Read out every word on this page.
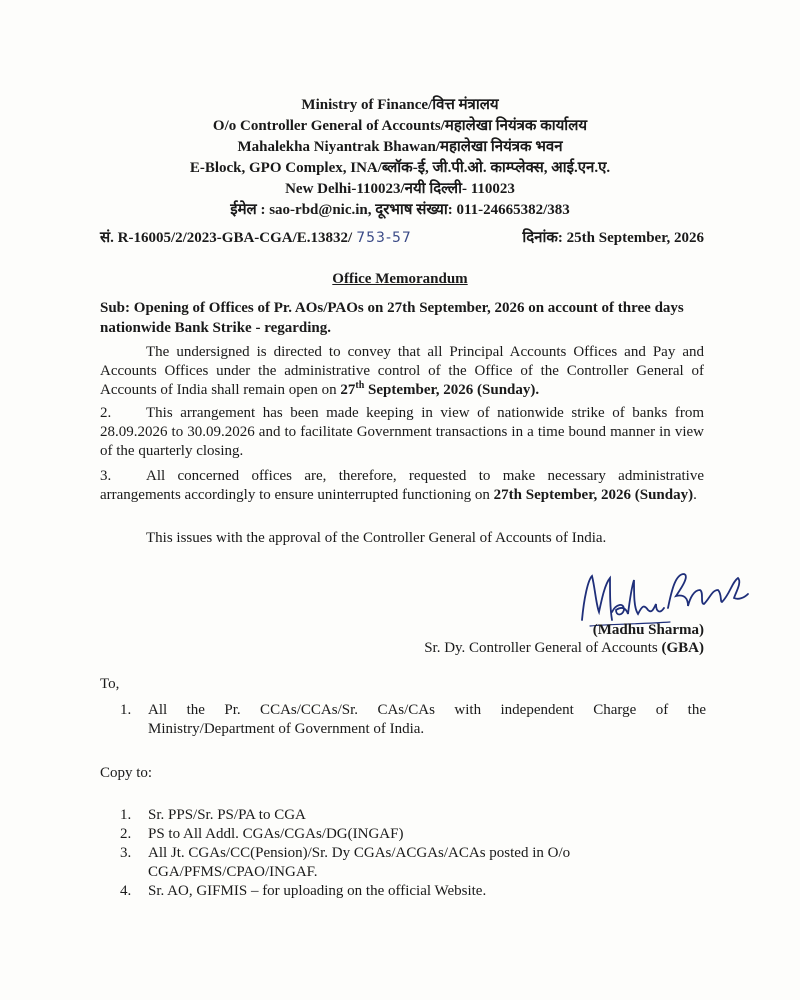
Ministry of Finance/वित्त मंत्रालय
O/o Controller General of Accounts/महालेखा नियंत्रक कार्यालय
Mahalekha Niyantrak Bhawan/महालेखा नियंत्रक भवन
E-Block, GPO Complex, INA/ब्लॉक-ई, जी.पी.ओ. काम्प्लेक्स, आई.एन.ए.
New Delhi-110023/नयी दिल्ली- 110023
ईमेल : sao-rbd@nic.in, दूरभाष संख्या: 011-24665382/383
सं. R-16005/2/2023-GBA-CGA/E.13832/ 753-57	दिनांक: 25th September, 2026
Office Memorandum
Sub: Opening of Offices of Pr. AOs/PAOs on 27th September, 2026 on account of three days nationwide Bank Strike - regarding.
The undersigned is directed to convey that all Principal Accounts Offices and Pay and Accounts Offices under the administrative control of the Office of the Controller General of Accounts of India shall remain open on 27th September, 2026 (Sunday).
2. This arrangement has been made keeping in view of nationwide strike of banks from 28.09.2026 to 30.09.2026 and to facilitate Government transactions in a time bound manner in view of the quarterly closing.
3. All concerned offices are, therefore, requested to make necessary administrative arrangements accordingly to ensure uninterrupted functioning on 27th September, 2026 (Sunday).
This issues with the approval of the Controller General of Accounts of India.
(Madhu Sharma)
Sr. Dy. Controller General of Accounts (GBA)
To,
1. All the Pr. CCAs/CCAs/Sr. CAs/CAs with independent Charge of the
Ministry/Department of Government of India.
Copy to:
1. Sr. PPS/Sr. PS/PA to CGA
2. PS to All Addl. CGAs/CGAs/DG(INGAF)
3. All Jt. CGAs/CC(Pension)/Sr. Dy CGAs/ACGAs/ACAs posted in O/o CGA/PFMS/CPAO/INGAF.
4. Sr. AO, GIFMIS – for uploading on the official Website.
